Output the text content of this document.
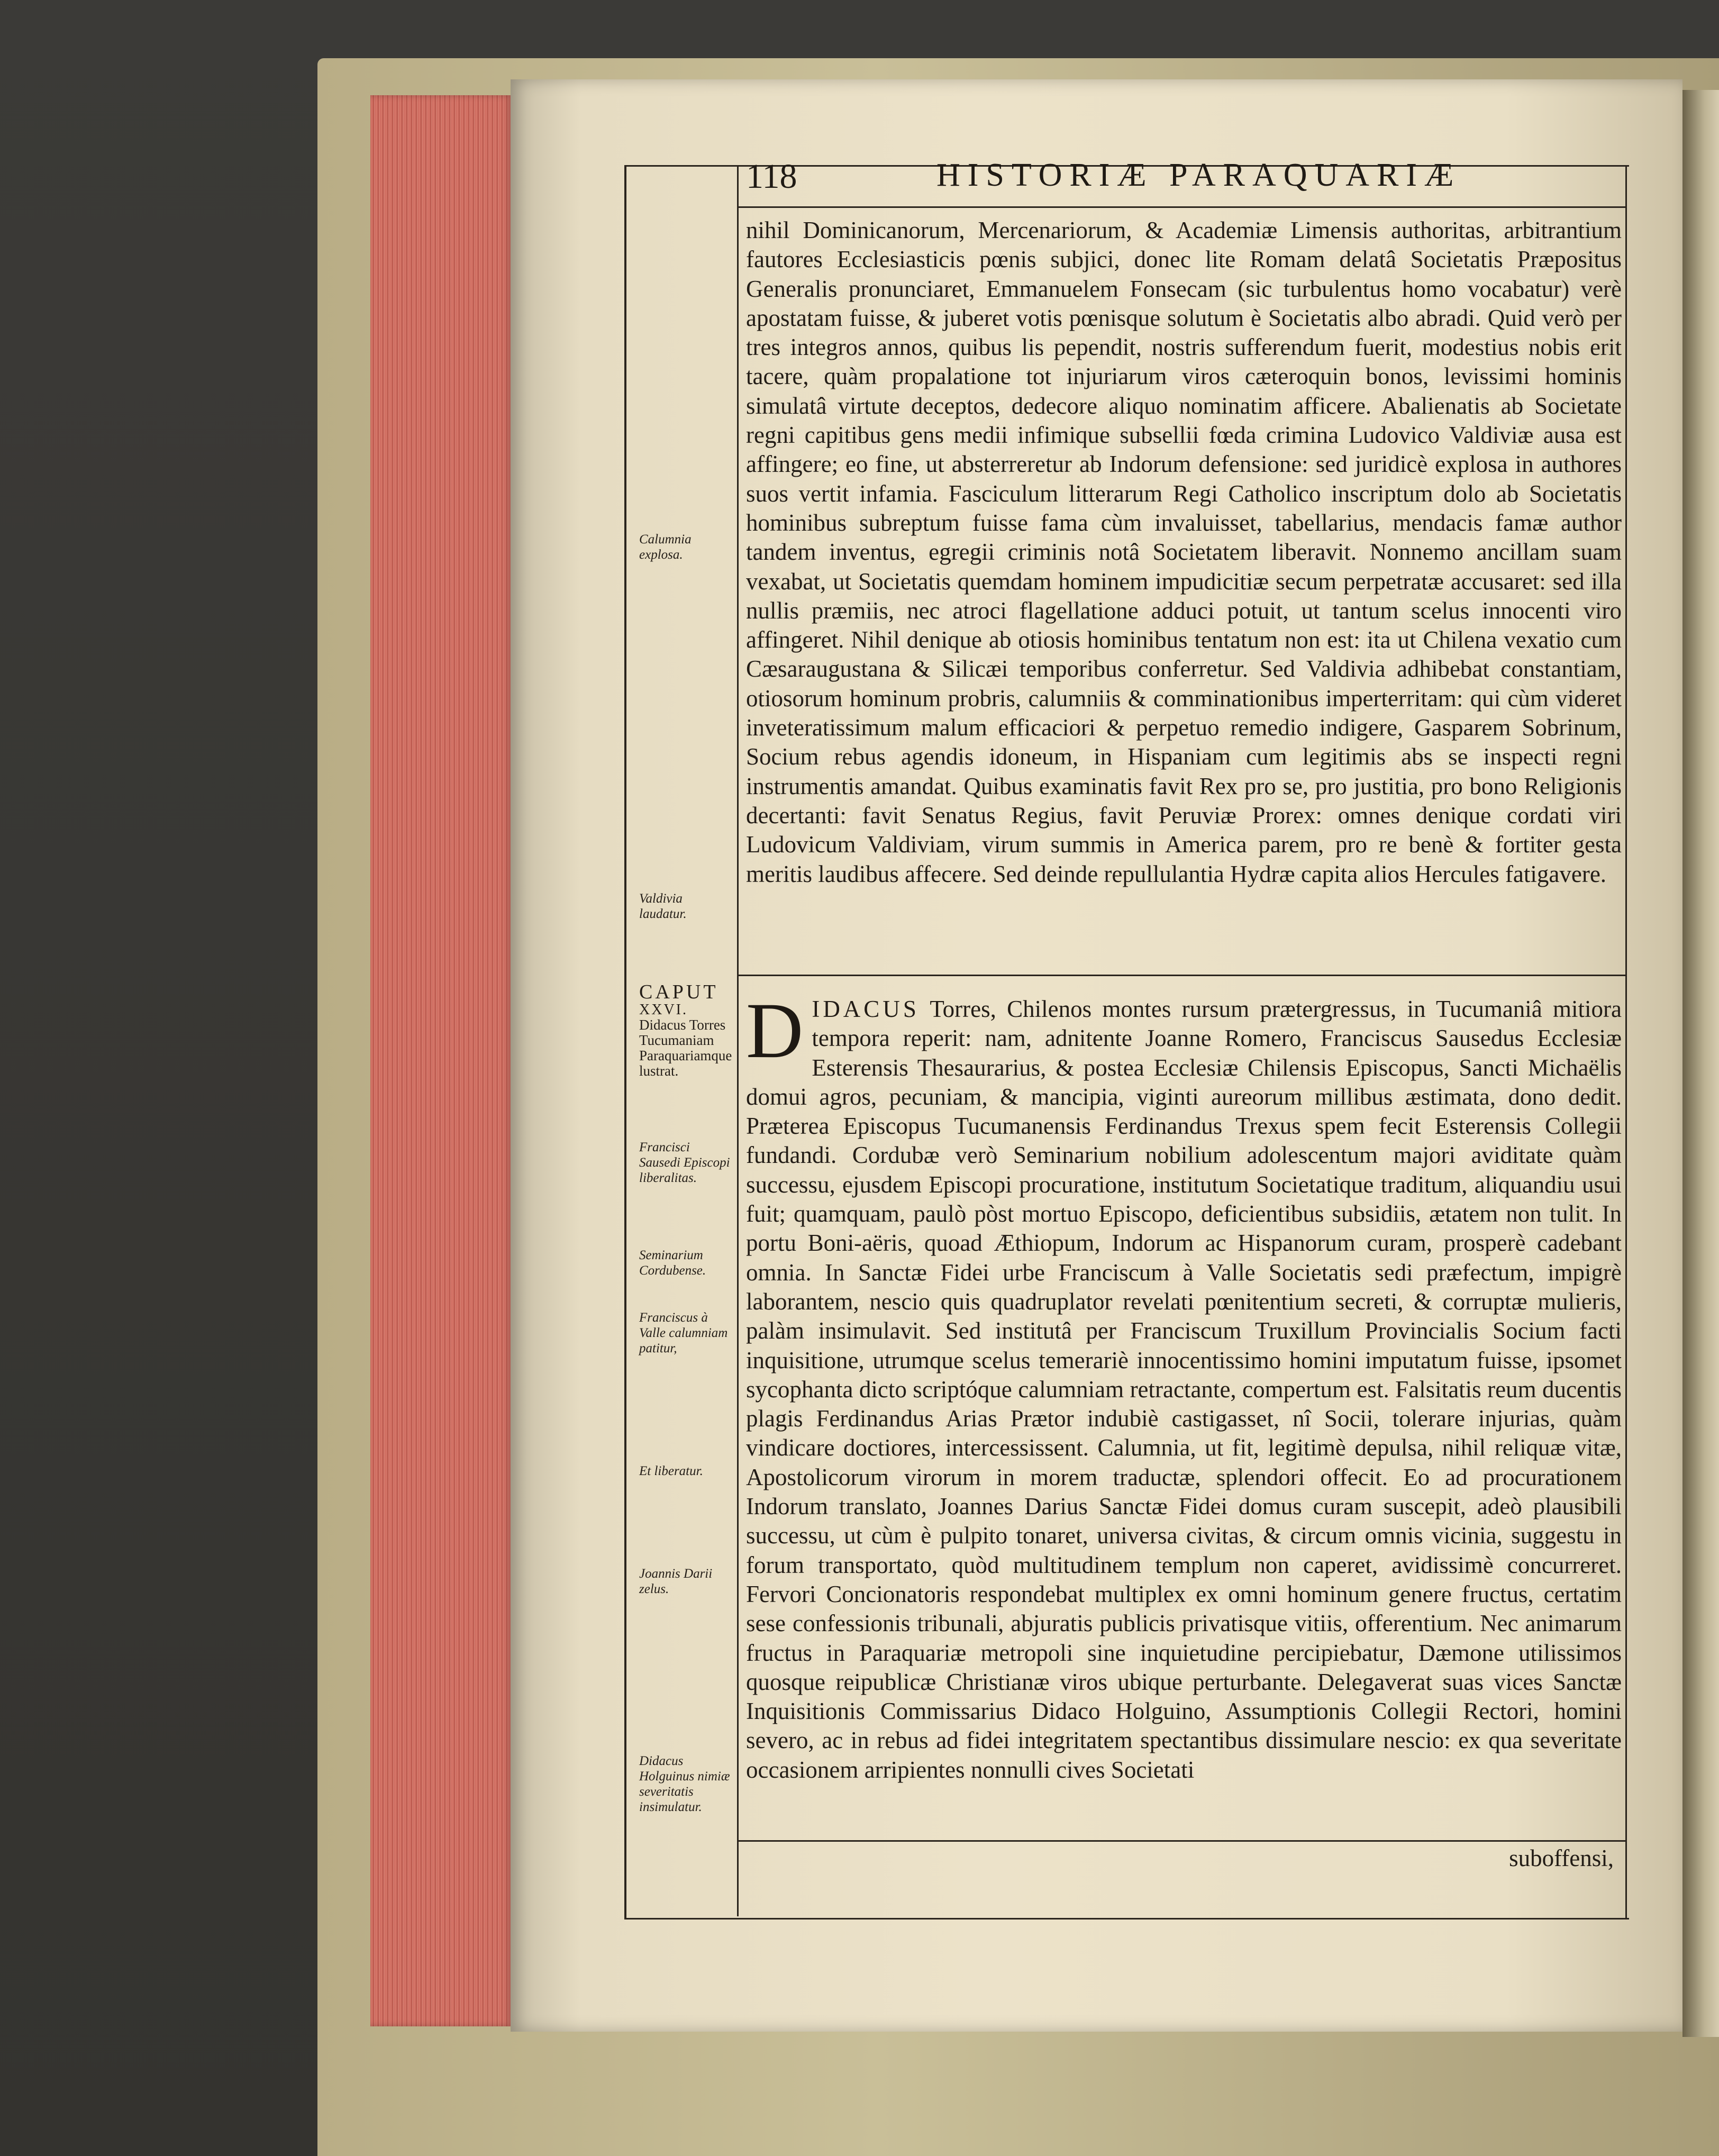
118	HISTORIÆ PARAQUARIÆ
Calumnia explosa.
Valdivia laudatur.
CAPUT
XXVI.
Didacus Torres Tucumaniam Paraquariamque lustrat.
Francisci Sausedi Episcopi liberalitas.
Seminarium Cordubense.
Franciscus à Valle calumniam patitur,
Et liberatur.
Joannis Darii zelus.
Didacus Holguinus nimiæ severitatis insimulatur.
nihil Dominicanorum, Mercenariorum, & Academiæ Limensis authoritas, arbitrantium fautores Ecclesiasticis pœnis subjici, donec lite Romam delatâ Societatis Præpositus Generalis pronunciaret, Emmanuelem Fonsecam (sic turbulentus homo vocabatur) verè apostatam fuisse, & juberet votis pœnisque solutum è Societatis albo abradi. Quid verò per tres integros annos, quibus lis pependit, nostris sufferendum fuerit, modestius nobis erit tacere, quàm propalatione tot injuriarum viros cæteroquin bonos, levissimi hominis simulatâ virtute deceptos, dedecore aliquo nominatim afficere. Abalienatis ab Societate regni capitibus gens medii infimique subsellii fœda crimina Ludovico Valdiviæ ausa est affingere; eo fine, ut absterreretur ab Indorum defensione: sed juridicè explosa in authores suos vertit infamia. Fasciculum litterarum Regi Catholico inscriptum dolo ab Societatis hominibus subreptum fuisse fama cùm invaluisset, tabellarius, mendacis famæ author tandem inventus, egregii criminis notâ Societatem liberavit. Nonnemo ancillam suam vexabat, ut Societatis quemdam hominem impudicitiæ secum perpetratæ accusaret: sed illa nullis præmiis, nec atroci flagellatione adduci potuit, ut tantum scelus innocenti viro affingeret. Nihil denique ab otiosis hominibus tentatum non est: ita ut Chilena vexatio cum Cæsaraugustana & Silicæi temporibus conferretur. Sed Valdivia adhibebat constantiam, otiosorum hominum probris, calumniis & comminationibus imperterritam: qui cùm videret inveteratissimum malum efficaciori & perpetuo remedio indigere, Gasparem Sobrinum, Socium rebus agendis idoneum, in Hispaniam cum legitimis abs se inspecti regni instrumentis amandat. Quibus examinatis favit Rex pro se, pro justitia, pro bono Religionis decertanti: favit Senatus Regius, favit Peruviæ Prorex: omnes denique cordati viri Ludovicum Valdiviam, virum summis in America parem, pro re benè & fortiter gesta meritis laudibus affecere. Sed deinde repullulantia Hydræ capita alios Hercules fatigavere.
DIDACUS Torres, Chilenos montes rursum prætergressus, in Tucumaniâ mitiora tempora reperit: nam, adnitente Joanne Romero, Franciscus Sausedus Ecclesiæ Esterensis Thesaurarius, & postea Ecclesiæ Chilensis Episcopus, Sancti Michaëlis domui agros, pecuniam, & mancipia, viginti aureorum millibus æstimata, dono dedit. Præterea Episcopus Tucumanensis Ferdinandus Trexus spem fecit Esterensis Collegii fundandi. Cordubæ verò Seminarium nobilium adolescentum majori aviditate quàm successu, ejusdem Episcopi procuratione, institutum Societatique traditum, aliquandiu usui fuit; quamquam, paulò pòst mortuo Episcopo, deficientibus subsidiis, ætatem non tulit. In portu Boni-aëris, quoad Æthiopum, Indorum ac Hispanorum curam, prosperè cadebant omnia. In Sanctæ Fidei urbe Franciscum à Valle Societatis sedi præfectum, impigrè laborantem, nescio quis quadruplator revelati pœnitentium secreti, & corruptæ mulieris, palàm insimulavit. Sed institutâ per Franciscum Truxillum Provincialis Socium facti inquisitione, utrumque scelus temerariè innocentissimo homini imputatum fuisse, ipsomet sycophanta dicto scriptóque calumniam retractante, compertum est. Falsitatis reum ducentis plagis Ferdinandus Arias Prætor indubiè castigasset, nî Socii, tolerare injurias, quàm vindicare doctiores, intercessissent. Calumnia, ut fit, legitimè depulsa, nihil reliquæ vitæ, Apostolicorum virorum in morem traductæ, splendori offecit. Eo ad procurationem Indorum translato, Joannes Darius Sanctæ Fidei domus curam suscepit, adeò plausibili successu, ut cùm è pulpito tonaret, universa civitas, & circum omnis vicinia, suggestu in forum transportato, quòd multitudinem templum non caperet, avidissimè concurreret. Fervori Concionatoris respondebat multiplex ex omni hominum genere fructus, certatim sese confessionis tribunali, abjuratis publicis privatisque vitiis, offerentium. Nec animarum fructus in Paraquariæ metropoli sine inquietudine percipiebatur, Dæmone utilissimos quosque reipublicæ Christianæ viros ubique perturbante. Delegaverat suas vices Sanctæ Inquisitionis Commissarius Didaco Holguino, Assumptionis Collegii Rectori, homini severo, ac in rebus ad fidei integritatem spectantibus dissimulare nescio: ex qua severitate occasionem arripientes nonnulli cives Societati
suboffensi,
